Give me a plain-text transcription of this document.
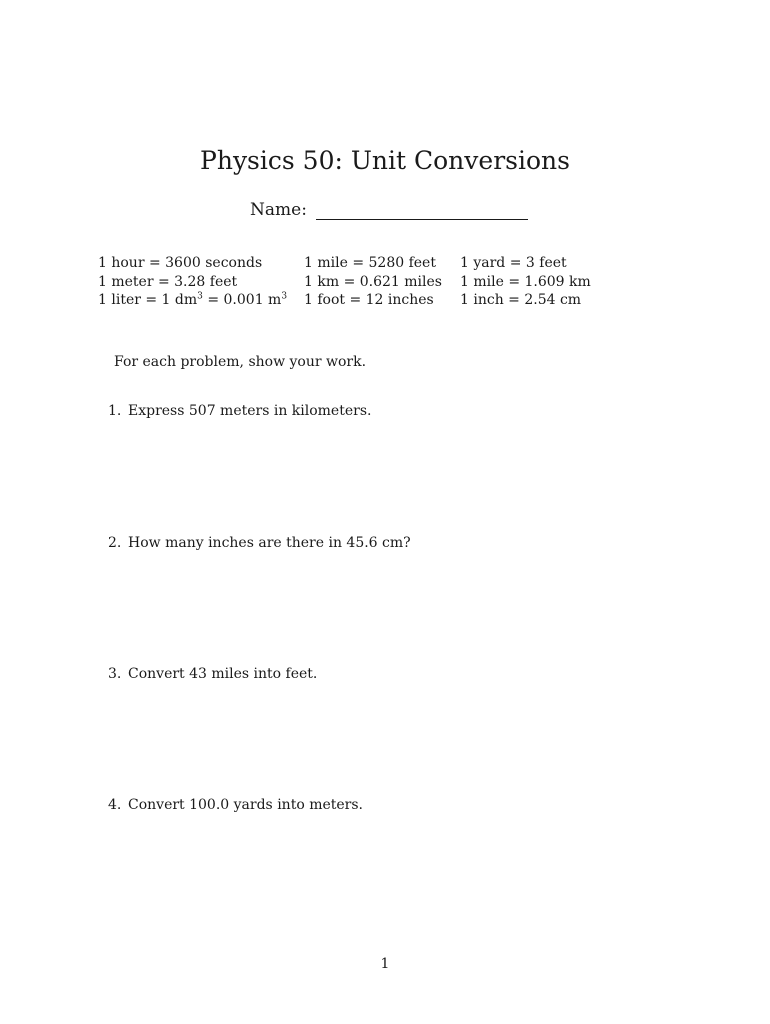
Physics 50: Unit Conversions
Name:
1 hour = 3600 seconds
1 meter = 3.28 feet
1 liter = 1 $dm^3 = 0.001$ $m^3$
1 mile = 5280 feet
1 km = 0.621 miles
1 foot = 12 inches
1 yard = 3 feet
1 mile = 1.609 km
1 inch = 2.54 cm
For each problem, show your work.
1. Express 507 meters in kilometers.
2. How many inches are there in 45.6 cm?
3. Convert 43 miles into feet.
4. Convert 100.0 yards into meters.
1
